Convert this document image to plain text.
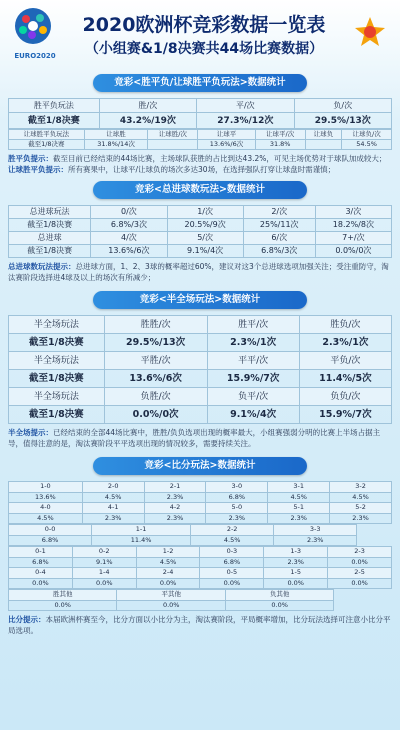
EURO2020
2020欧洲杯竞彩数据一览表
（小组赛&1/8决赛共44场比赛数据）
竞彩<胜平负/让球胜平负玩法>数据统计
胜平负玩法	胜/次	平/次	负/次
截至1/8决赛	43.2%/19次	27.3%/12次	29.5%/13次
让球胜平负玩法	让球胜	让球胜/次	让球平	让球平/次	让球负	让球负/次
截至1/8决赛	31.8%/14次		13.6%/6次	31.8%		54.5%

胜平负提示：截至目前已经结束的44场比赛，主场球队获胜的占比到达43.2%，可见主场优势对于球队加成较大；
让球胜平负提示：所有赛果中，让球平/让球负的场次多达30场，在选择强队打穿让球盘时需谨慎；

竞彩<总进球数玩法>数据统计
总进球玩法	0/次	1/次	2/次	3/次
截至1/8决赛	6.8%/3次	20.5%/9次	25%/11次	18.2%/8次
总进球	4/次	5/次	6/次	7+/次
截至1/8决赛	13.6%/6次	9.1%/4次	6.8%/3次	0.0%/0次

总进球数玩法提示：总进球方面，1、2、3球的概率超过60%，建议对这3个总进球选项加强关注；受注重防守，淘汰赛阶段选择进4球及以上的场次有所减少；

竞彩<半全场玩法>数据统计
半全场玩法	胜胜/次	胜平/次	胜负/次
截至1/8决赛	29.5%/13次	2.3%/1次	2.3%/1次
半全场玩法	平胜/次	平平/次	平负/次
截至1/8决赛	13.6%/6次	15.9%/7次	11.4%/5次
半全场玩法	负胜/次	负平/次	负负/次
截至1/8决赛	0.0%/0次	9.1%/4次	15.9%/7次

半全场提示：已经结束的全部44场比赛中，胜胜/负负选项出现的概率最大，小组赛强弱分明的比赛上半场占据主导，值得注意的是，淘汰赛阶段平平选项出现的情况较多，需要持续关注。

竞彩<比分玩法>数据统计
1-0	2-0	2-1	3-0	3-1	3-2
13.6%	4.5%	2.3%	6.8%	4.5%	4.5%
4-0	4-1	4-2	5-0	5-1	5-2
4.5%	2.3%	2.3%	2.3%	2.3%	2.3%
0-0	1-1	2-2	3-3		
6.8%	11.4%	4.5%	2.3%		
0-1	0-2	1-2	0-3	1-3	2-3
6.8%	9.1%	4.5%	6.8%	2.3%	0.0%
0-4	1-4	2-4	0-5	1-5	2-5
0.0%	0.0%	0.0%	0.0%	0.0%	0.0%
胜其他	平其他	负其他			
0.0%	0.0%	0.0%			

比分提示：本届欧洲杯赛至今，比分方面以小比分为主，淘汰赛阶段，平局概率增加，比分玩法选择可注意小比分平局选项。
